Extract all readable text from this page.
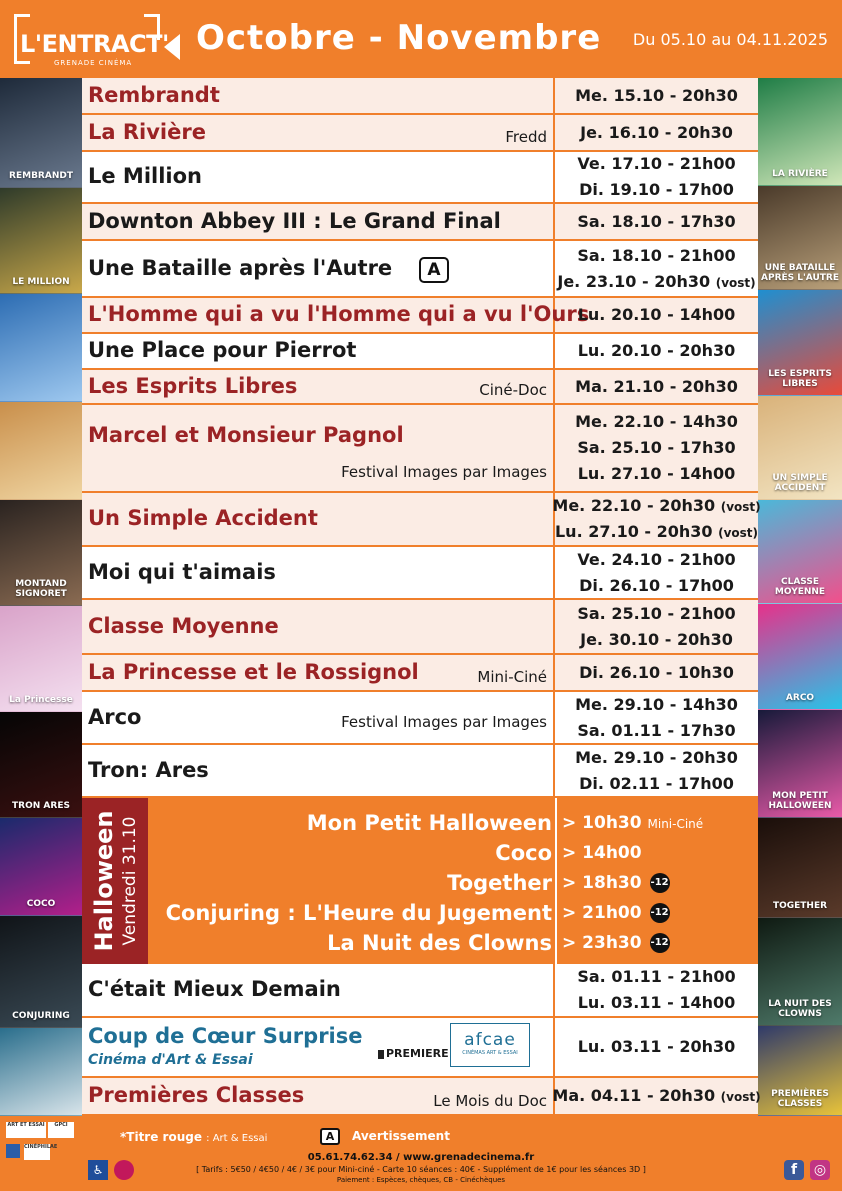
L'ENTRACT'
GRENADE CINÉMA
Octobre - Novembre Du 05.10 au 04.11.2025
REMBRANDT
LE MILLION
MONTAND SIGNORET
La Princesse
TRON ARES
COCO
CONJURING
LA RIVIÈRE
UNE BATAILLE APRÈS L'AUTRE
LES ESPRITS LIBRES
UN SIMPLE ACCIDENT
CLASSE MOYENNE
ARCO
MON PETIT HALLOWEEN
TOGETHER
LA NUIT DES CLOWNS
PREMIÈRES CLASSES
Halloween Vendredi 31.10	Mon Petit Halloween > 10h30 Mini-Ciné
Coco > 14h00
Together > 18h30 -12
Conjuring : L'Heure du Jugement > 21h00 -12
La Nuit des Clowns > 23h30 -12
Rembrandt	Me. 15.10 - 20h30
La Rivière	Fredd Je. 16.10 - 20h30
Le Million
Ve. 17.10 - 21h00
Di. 19.10 - 17h00
Downton Abbey III : Le Grand Final	Sa. 18.10 - 17h30
Une Bataille après l'Autre	A
Sa. 18.10 - 21h00
Je. 23.10 - 20h30 (vost)
L'Homme qui a vu l'Homme qui a vu l'Ours
Lu. 20.10 - 14h00
Une Place pour Pierrot	Lu. 20.10 - 20h30
Les Esprits Libres	Ciné-Doc Ma. 21.10 - 20h30
Marcel et Monsieur Pagnol
Festival Images par Images
Me. 22.10 - 14h30
Sa. 25.10 - 17h30
Lu. 27.10 - 14h00
Un Simple Accident
Me. 22.10 - 20h30 (vost)
Lu. 27.10 - 20h30 (vost)
Moi qui t'aimais
Ve. 24.10 - 21h00
Di. 26.10 - 17h00
Classe Moyenne
Sa. 25.10 - 21h00
Je. 30.10 - 20h30
La Princesse et le Rossignol	Mini-Ciné Di. 26.10 - 10h30
Arco	Festival Images par Images
Me. 29.10 - 14h30
Sa. 01.11 - 17h30
Tron: Ares
Me. 29.10 - 20h30
Di. 02.11 - 17h00
C'était Mieux Demain
Sa. 01.11 - 21h00
Lu. 03.11 - 14h00
Coup de Cœur Surprise
Cinéma d'Art & Essai	PREMIERE
afcae
CINÉMAS ART & ESSAI	Lu. 03.11 - 20h30
Premières Classes	Le Mois du Doc Ma. 04.11 - 20h30 (vost)
ART ET ESSAI	GPCI
CINÉPHILAE
♿
*Titre rouge : Art & Essai	A Avertissement
05.61.74.62.34 / www.grenadecinema.fr
[ Tarifs : 5€50 / 4€50 / 4€ / 3€ pour Mini-ciné - Carte 10 séances : 40€ - Supplément de 1€ pour les séances 3D ]
Paiement : Espèces, chèques, CB - Cinéchèques
f	◎
